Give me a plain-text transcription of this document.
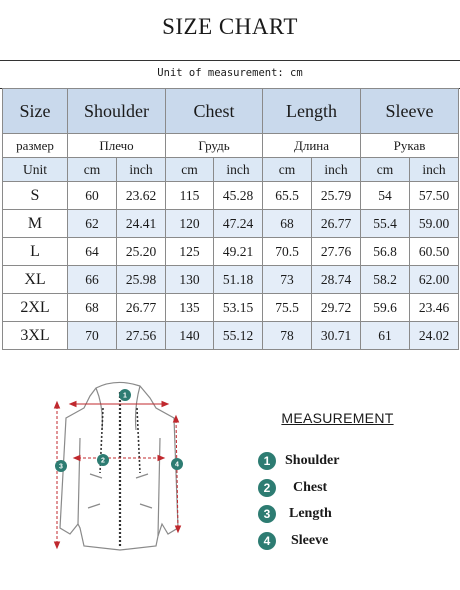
SIZE CHART
Unit of measurement: cm
Size	Shoulder		Chest		Length		Sleeve	
размер	Плечо		Грудь		Длина		Рукав	
Unit	cm	inch	cm	inch	cm	inch	cm	inch
S	60	23.62	115	45.28	65.5	25.79	54	57.50
M	62	24.41	120	47.24	68	26.77	55.4	59.00
L	64	25.20	125	49.21	70.5	27.76	56.8	60.50
XL	66	25.98	130	51.18	73	28.74	58.2	62.00
2XL	68	26.77	135	53.15	75.5	29.72	59.6	23.46
3XL	70	27.56	140	55.12	78	30.71	61	24.02
1
2
3	4
MEASUREMENT
1	Shoulder
2	Chest
3	Length
4	Sleeve
